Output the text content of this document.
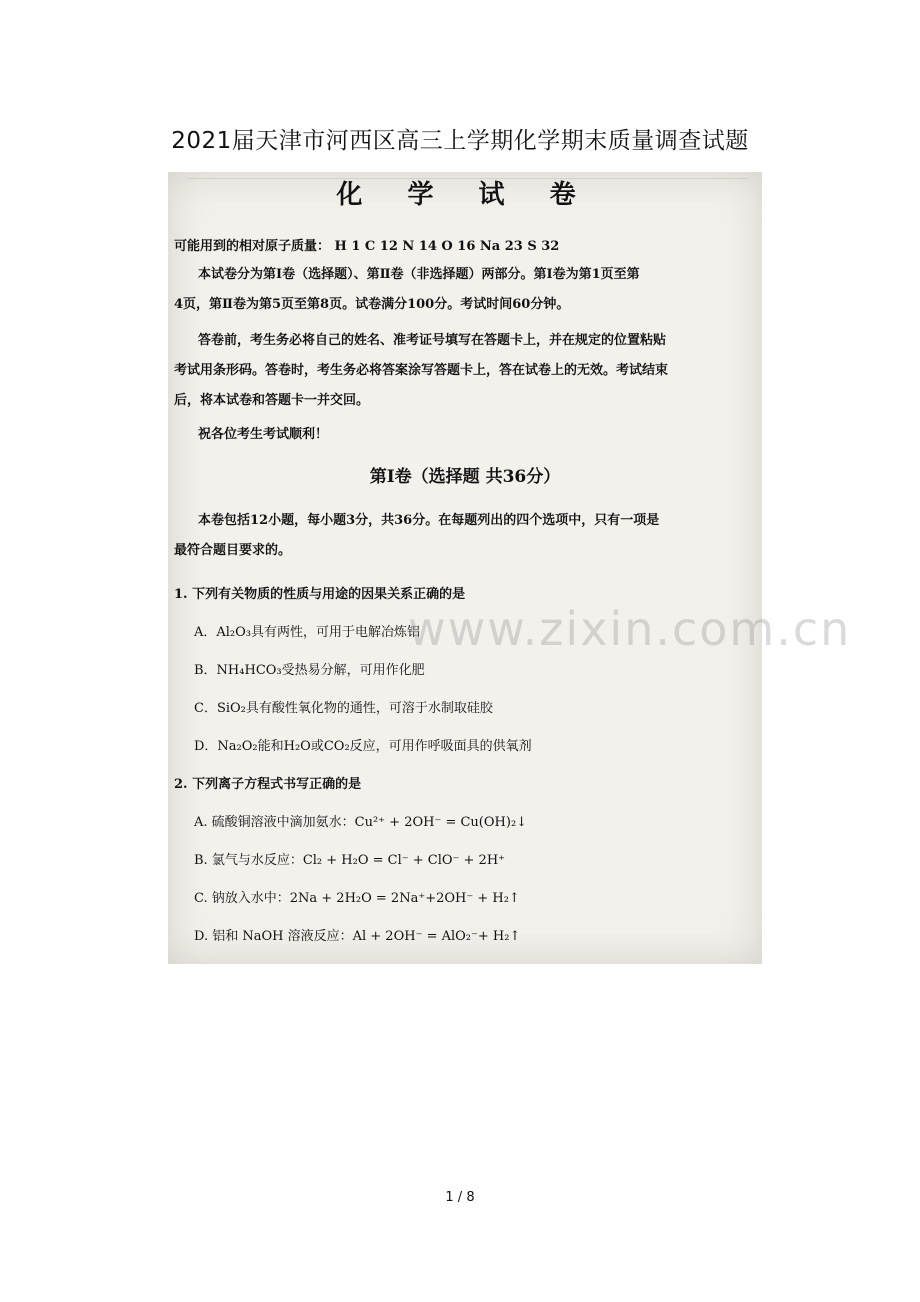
2021届天津市河西区高三上学期化学期末质量调查试题
化 学 试 卷
可能用到的相对原子质量： H 1 C 12 N 14 O 16 Na 23 S 32
本试卷分为第Ⅰ卷（选择题）、第Ⅱ卷（非选择题）两部分。第Ⅰ卷为第1页至第
4页，第Ⅱ卷为第5页至第8页。试卷满分100分。考试时间60分钟。
答卷前，考生务必将自己的姓名、准考证号填写在答题卡上，并在规定的位置粘贴
考试用条形码。答卷时，考生务必将答案涂写答题卡上，答在试卷上的无效。考试结束
后，将本试卷和答题卡一并交回。
祝各位考生考试顺利！
第Ⅰ卷（选择题 共36分）
本卷包括12小题，每小题3分，共36分。在每题列出的四个选项中，只有一项是
最符合题目要求的。
1. 下列有关物质的性质与用途的因果关系正确的是
A．Al₂O₃具有两性，可用于电解冶炼铝
B．NH₄HCO₃受热易分解，可用作化肥
C．SiO₂具有酸性氧化物的通性，可溶于水制取硅胶
D．Na₂O₂能和H₂O或CO₂反应，可用作呼吸面具的供氧剂
2. 下列离子方程式书写正确的是
A. 硫酸铜溶液中滴加氨水：Cu²⁺ + 2OH⁻ = Cu(OH)₂↓
B. 氯气与水反应：Cl₂ + H₂O = Cl⁻ + ClO⁻ + 2H⁺
C. 钠放入水中：2Na + 2H₂O = 2Na⁺+2OH⁻ + H₂↑
D. 铝和 NaOH 溶液反应：Al + 2OH⁻ = AlO₂⁻+ H₂↑
www.zixin.com.cn
1 / 8
